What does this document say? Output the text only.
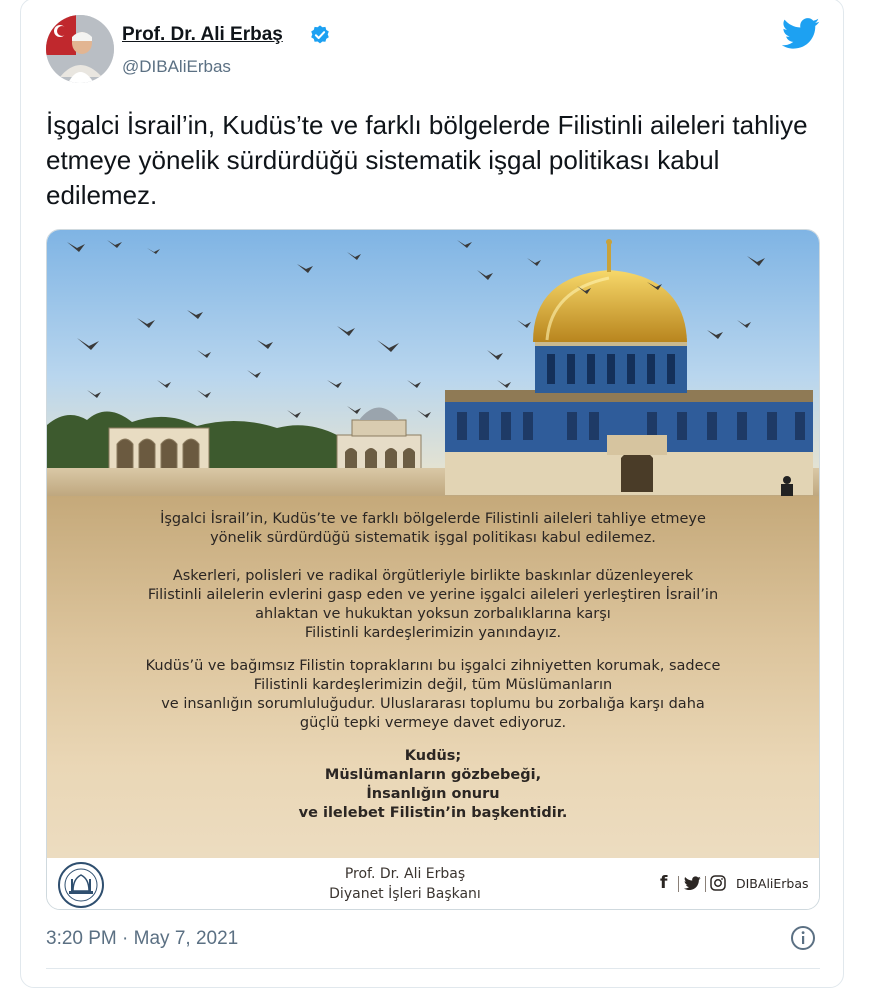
Prof. Dr. Ali Erbaş
@DIBAliErbas
İşgalci İsrail’in, Kudüs’te ve farklı bölgelerde Filistinli aileleri tahliye etmeye yönelik sürdürdüğü sistematik işgal politikası kabul edilemez.
İşgalci İsrail’in, Kudüs’te ve farklı bölgelerde Filistinli aileleri tahliye etmeye
yönelik sürdürdüğü sistematik işgal politikası kabul edilemez.
Askerleri, polisleri ve radikal örgütleriyle birlikte baskınlar düzenleyerek
Filistinli ailelerin evlerini gasp eden ve yerine işgalci aileleri yerleştiren İsrail’in
ahlaktan ve hukuktan yoksun zorbalıklarına karşı
Filistinli kardeşlerimizin yanındayız.
Kudüs’ü ve bağımsız Filistin topraklarını bu işgalci zihniyetten korumak, sadece
Filistinli kardeşlerimizin değil, tüm Müslümanların
ve insanlığın sorumluluğudur. Uluslararası toplumu bu zorbalığa karşı daha
güçlü tepki vermeye davet ediyoruz.
Kudüs;
Müslümanların gözbebeği,
İnsanlığın onuru
ve ilelebet Filistin’in başkentidir.
Prof. Dr. Ali Erbaş
Diyanet İşleri Başkanı
f	DIBAliErbas
3:20 PM · May 7, 2021
